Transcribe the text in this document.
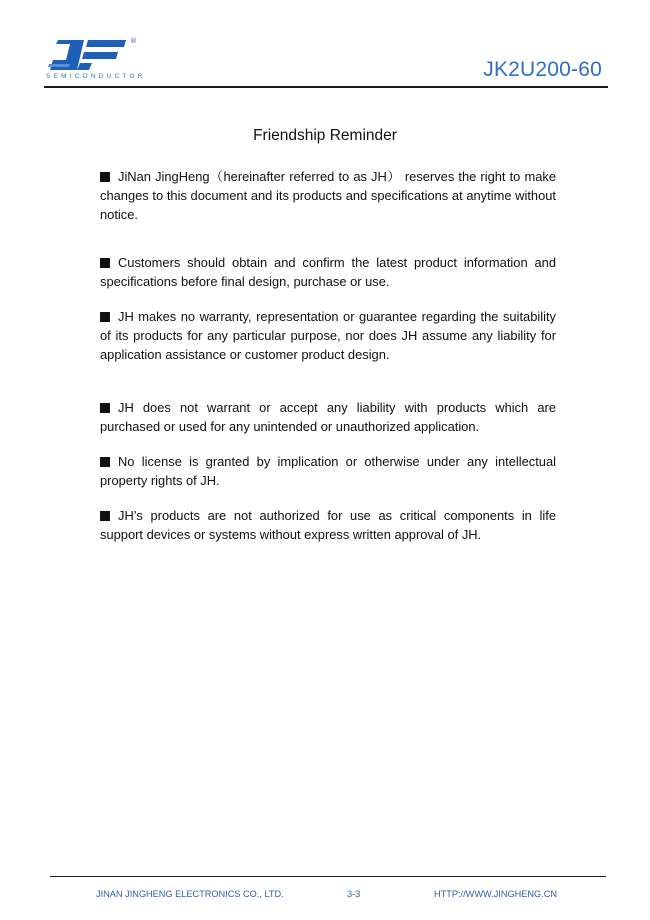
®
SEMICONDUCTOR	JK2U200-60
Friendship Reminder

JiNan JingHeng（hereinafter referred to as JH） reserves the right to make changes to this document and its products and specifications at anytime without notice.

Customers should obtain and confirm the latest product information and specifications before final design, purchase or use.

JH makes no warranty, representation or guarantee regarding the suitability of its products for any particular purpose, nor does JH assume any liability for application assistance or customer product design.

JH does not warrant or accept any liability with products which are purchased or used for any unintended or unauthorized application.

No license is granted by implication or otherwise under any intellectual property rights of JH.

JH’s products are not authorized for use as critical components in life support devices or systems without express written approval of JH.

JINAN JINGHENG ELECTRONICS CO., LTD.	3-3	HTTP://WWW.JINGHENG.CN
